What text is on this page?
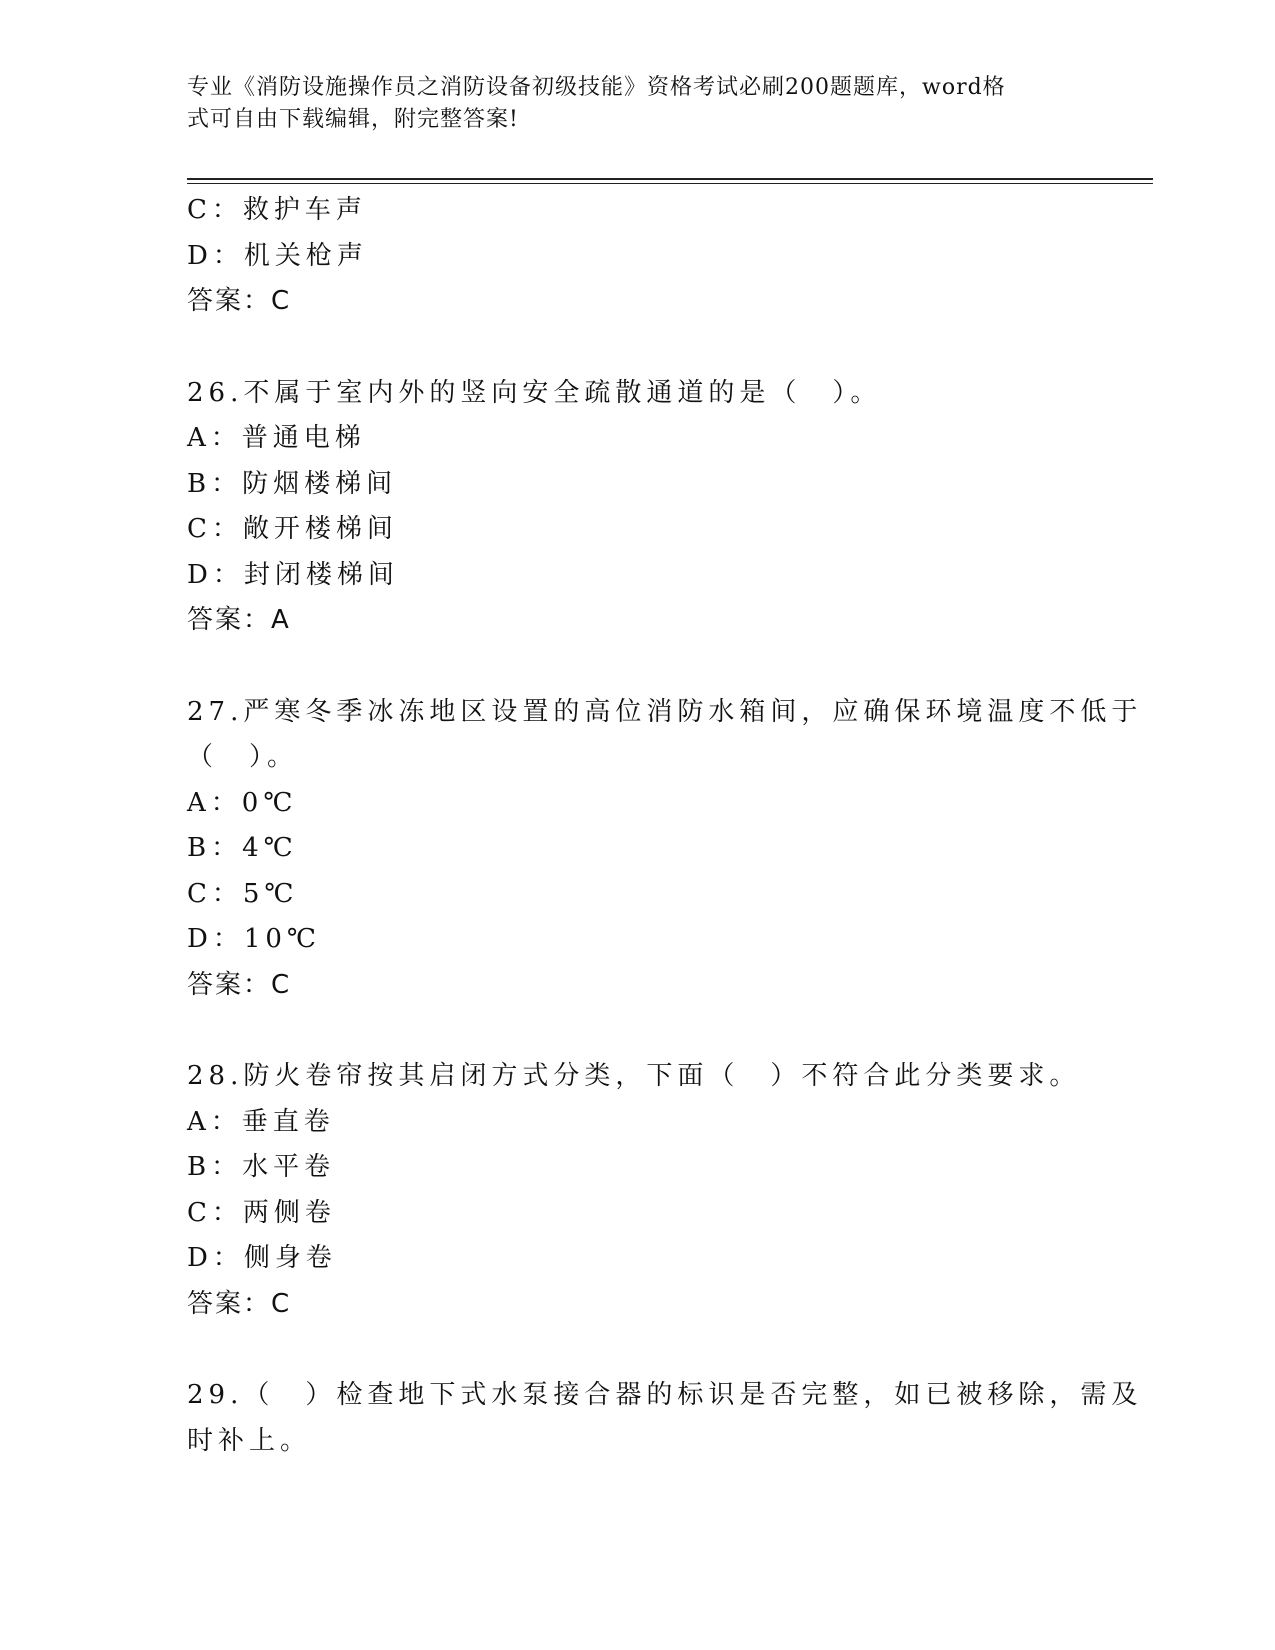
专业《消防设施操作员之消防设备初级技能》资格考试必刷200题题库，word格
式可自由下载编辑，附完整答案!
C：救护车声
D：机关枪声
答案：C
26.不属于室内外的竖向安全疏散通道的是（　）。
A：普通电梯
B：防烟楼梯间
C：敞开楼梯间
D：封闭楼梯间
答案：A
27.严寒冬季冰冻地区设置的高位消防水箱间，应确保环境温度不低于
（　）。
A：0℃
B：4℃
C：5℃
D：10℃
答案：C
28.防火卷帘按其启闭方式分类，下面（　）不符合此分类要求。
A：垂直卷
B：水平卷
C：两侧卷
D：侧身卷
答案：C
29.（　）检查地下式水泵接合器的标识是否完整，如已被移除，需及
时补上。
